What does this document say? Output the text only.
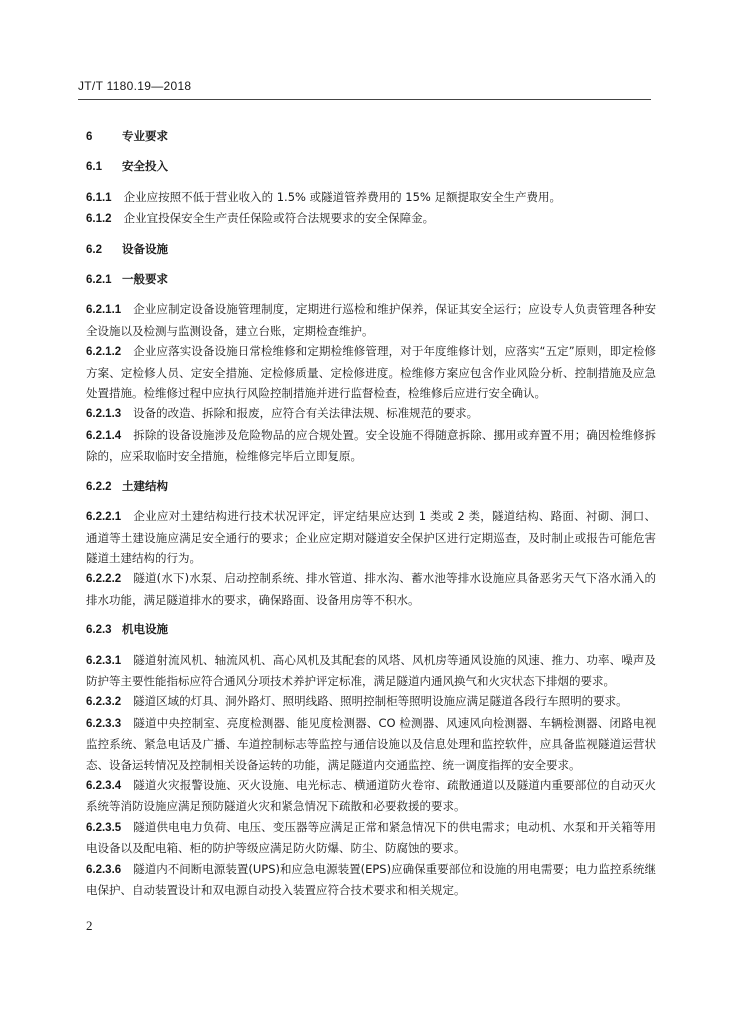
JT/T 1180.19—2018
6	专业要求
6.1 安全投入
6.1.1 企业应按照不低于营业收入的 1.5% 或隧道管养费用的 15% 足额提取安全生产费用。
6.1.2 企业宜投保安全生产责任保险或符合法规要求的安全保障金。
6.2 设备设施
6.2.1 一般要求
6.2.1.1 企业应制定设备设施管理制度，定期进行巡检和维护保养，保证其安全运行；应设专人负责管理各种安全设施以及检测与监测设备，建立台账，定期检查维护。
6.2.1.2 企业应落实设备设施日常检维修和定期检维修管理，对于年度维修计划，应落实“五定”原则，即定检修方案、定检修人员、定安全措施、定检修质量、定检修进度。检维修方案应包含作业风险分析、控制措施及应急处置措施。检维修过程中应执行风险控制措施并进行监督检查，检维修后应进行安全确认。
6.2.1.3 设备的改造、拆除和报废，应符合有关法律法规、标准规范的要求。
6.2.1.4 拆除的设备设施涉及危险物品的应合规处置。安全设施不得随意拆除、挪用或弃置不用；确因检维修拆除的，应采取临时安全措施，检维修完毕后立即复原。
6.2.2 土建结构
6.2.2.1 企业应对土建结构进行技术状况评定，评定结果应达到 1 类或 2 类，隧道结构、路面、衬砌、洞口、通道等土建设施应满足安全通行的要求；企业应定期对隧道安全保护区进行定期巡查，及时制止或报告可能危害隧道土建结构的行为。
6.2.2.2 隧道(水下)水泵、启动控制系统、排水管道、排水沟、蓄水池等排水设施应具备恶劣天气下洛水涌入的排水功能，满足隧道排水的要求，确保路面、设备用房等不积水。
6.2.3 机电设施
6.2.3.1 隧道射流风机、轴流风机、高心风机及其配套的风塔、风机房等通风设施的风速、推力、功率、噪声及防护等主要性能指标应符合通风分项技术养护评定标准，满足隧道内通风换气和火灾状态下排烟的要求。
6.2.3.2 隧道区域的灯具、洞外路灯、照明线路、照明控制柜等照明设施应满足隧道各段行车照明的要求。
6.2.3.3 隧道中央控制室、亮度检测器、能见度检测器、CO 检测器、风速风向检测器、车辆检测器、闭路电视监控系统、紧急电话及广播、车道控制标志等监控与通信设施以及信息处理和监控软件，应具备监视隧道运营状态、设备运转情况及控制相关设备运转的功能，满足隧道内交通监控、统一调度指挥的安全要求。
6.2.3.4 隧道火灾报警设施、灭火设施、电光标志、横通道防火卷帘、疏散通道以及隧道内重要部位的自动灭火系统等消防设施应满足预防隧道火灾和紧急情况下疏散和必要救援的要求。
6.2.3.5 隧道供电电力负荷、电压、变压器等应满足正常和紧急情况下的供电需求；电动机、水泵和开关箱等用电设备以及配电箱、柜的防护等级应满足防火防爆、防尘、防腐蚀的要求。
6.2.3.6 隧道内不间断电源装置(UPS)和应急电源装置(EPS)应确保重要部位和设施的用电需要；电力监控系统继电保护、自动装置设计和双电源自动投入装置应符合技术要求和相关规定。
2
